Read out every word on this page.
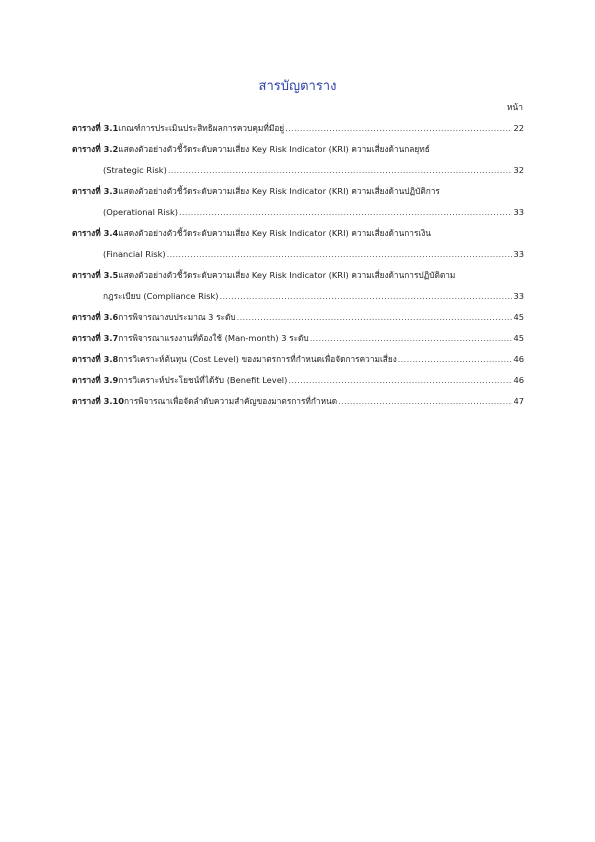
สารบัญตาราง
หน้า
ตารางที่ 3.1 เกณฑ์การประเมินประสิทธิผลการควบคุมที่มีอยู่ .....	22
ตารางที่ 3.2 แสดงตัวอย่างตัวชี้วัดระดับความเสี่ยง Key Risk Indicator (KRI) ความเสี่ยงด้านกลยุทธ์
(Strategic Risk) .....	32
ตารางที่ 3.3 แสดงตัวอย่างตัวชี้วัดระดับความเสี่ยง Key Risk Indicator (KRI) ความเสี่ยงด้านปฏิบัติการ
(Operational Risk) .....	33
ตารางที่ 3.4 แสดงตัวอย่างตัวชี้วัดระดับความเสี่ยง Key Risk Indicator (KRI) ความเสี่ยงด้านการเงิน
(Financial Risk) .....	33
ตารางที่ 3.5 แสดงตัวอย่างตัวชี้วัดระดับความเสี่ยง Key Risk Indicator (KRI) ความเสี่ยงด้านการปฏิบัติตาม
กฎระเบียบ (Compliance Risk) .....	33
ตารางที่ 3.6 การพิจารณางบประมาณ 3 ระดับ .....	45
ตารางที่ 3.7 การพิจารณาแรงงานที่ต้องใช้ (Man-month) 3 ระดับ .....	45
ตารางที่ 3.8 การวิเคราะห์ต้นทุน (Cost Level) ของมาตรการที่กำหนดเพื่อจัดการความเสี่ยง .....	46
ตารางที่ 3.9 การวิเคราะห์ประโยชน์ที่ได้รับ (Benefit Level) .....	46
ตารางที่ 3.10 การพิจารณาเพื่อจัดลำดับความสำคัญของมาตรการที่กำหนด .....	47
